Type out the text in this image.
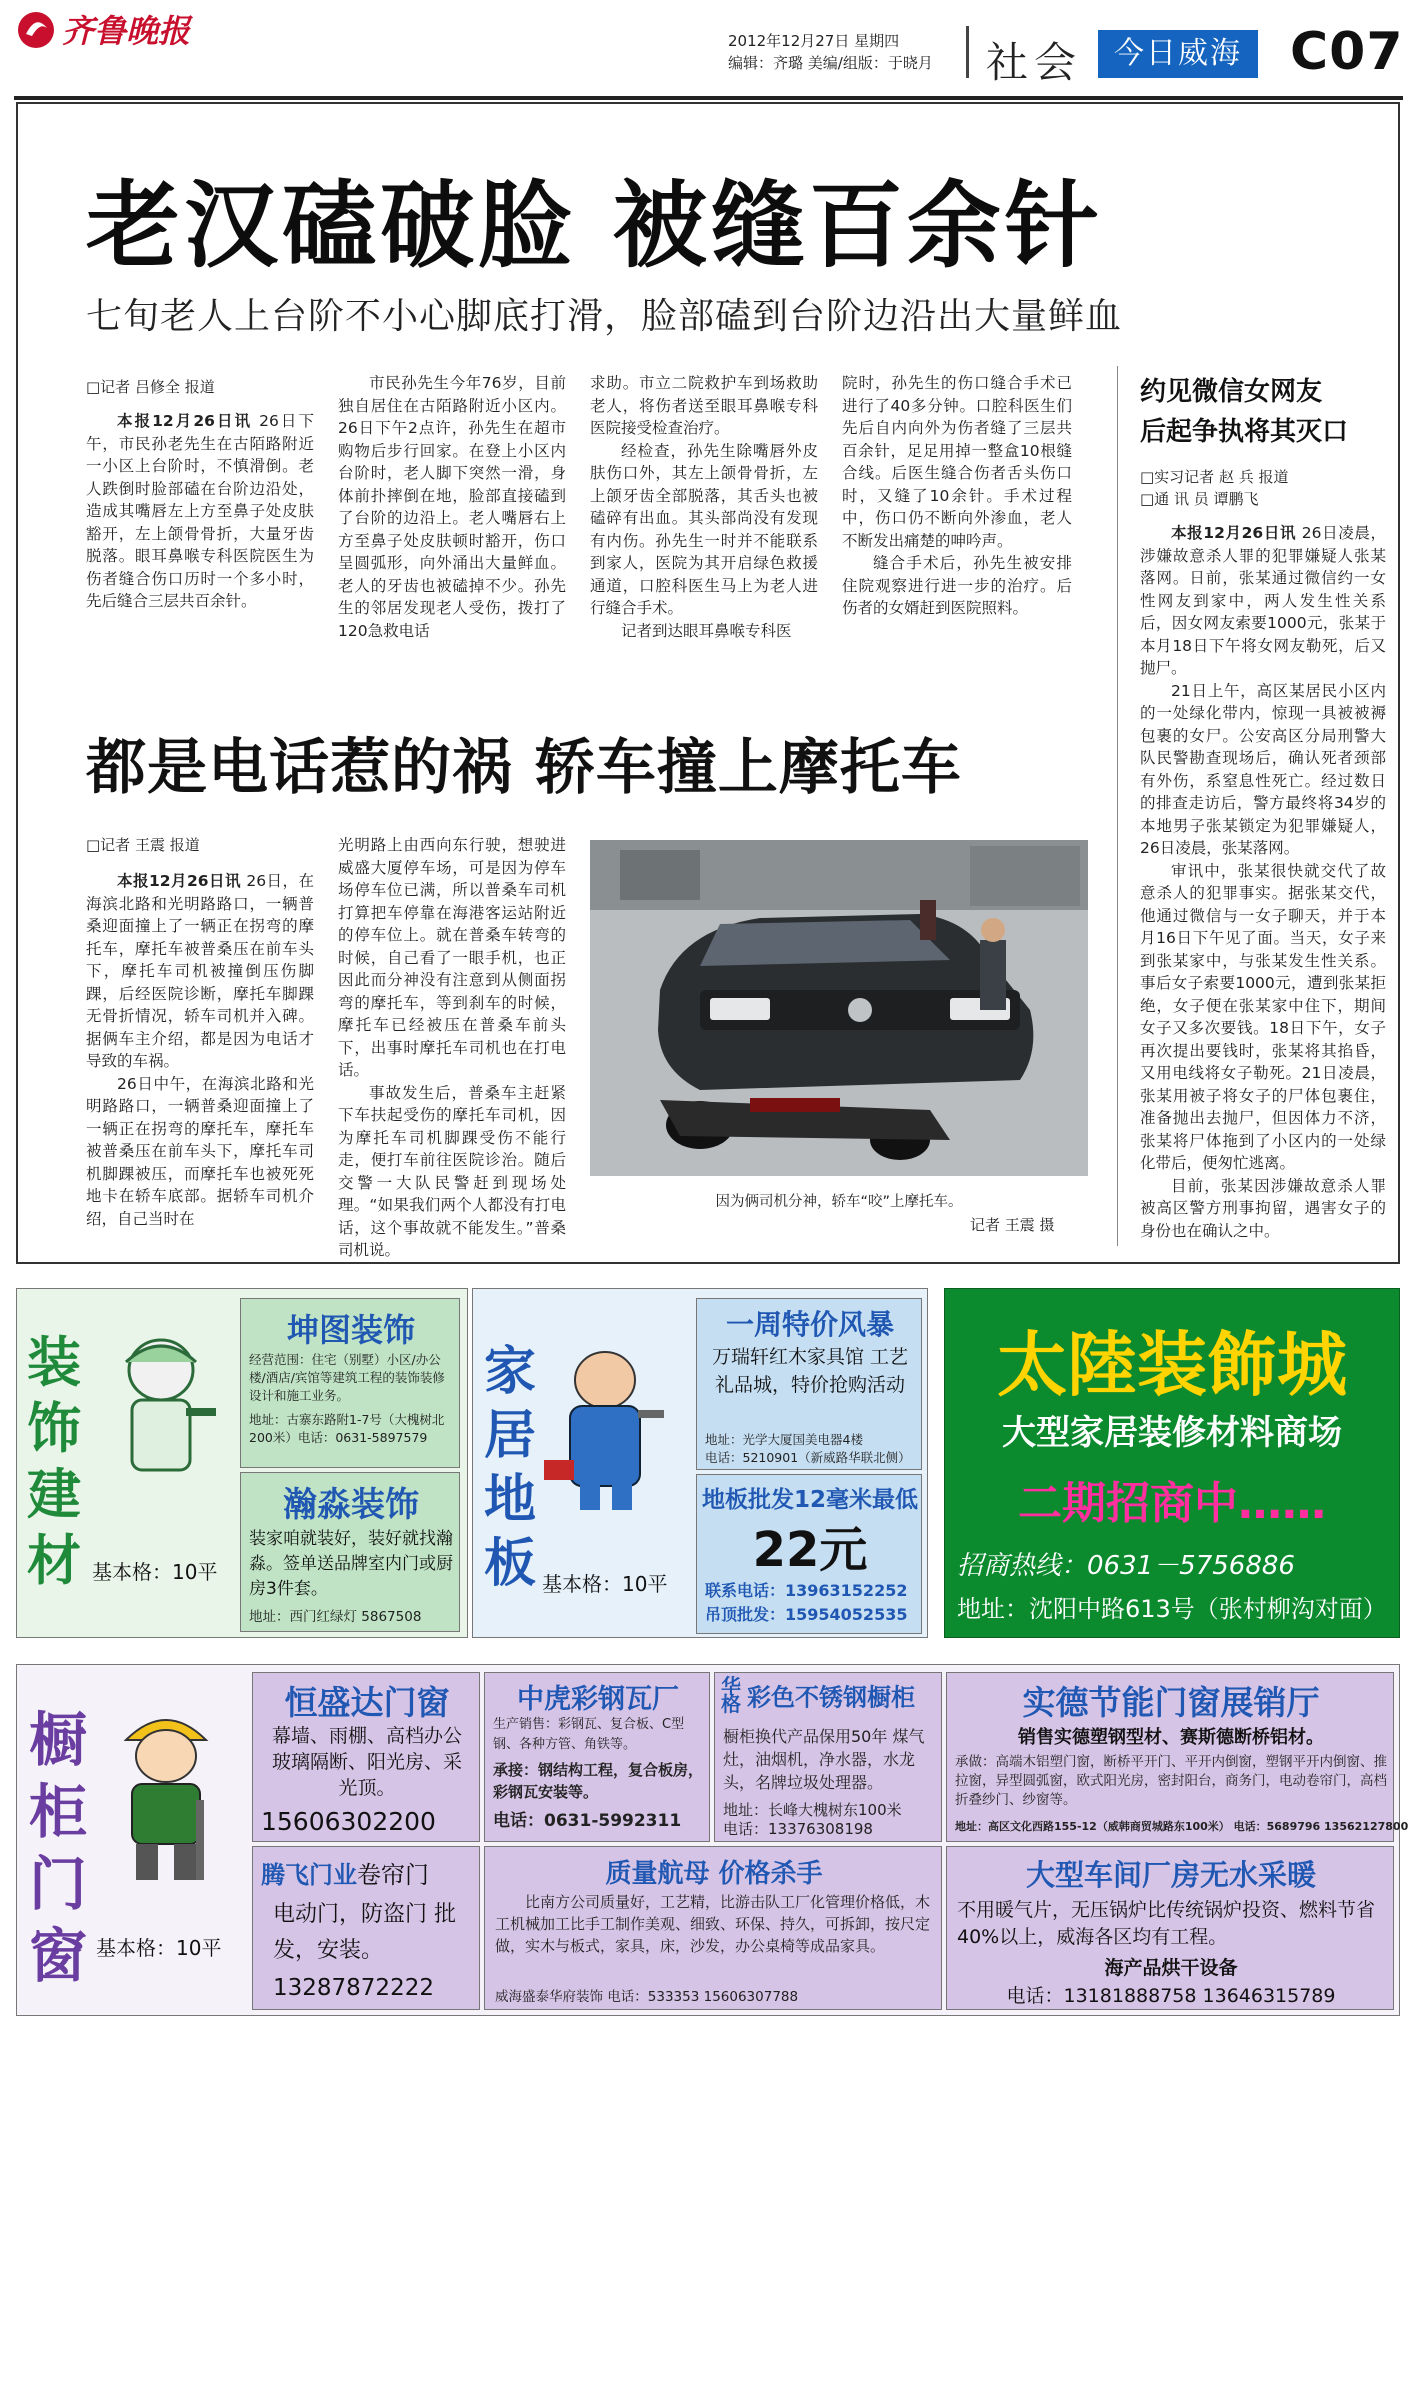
齐鲁晚报	2012年12月27日 星期四
编辑：齐璐 美编/组版：于晓月 社会	今日威海 C07
老汉磕破脸 被缝百余针
七旬老人上台阶不小心脚底打滑，脸部磕到台阶边沿出大量鲜血
□记者 吕修全 报道

本报12月26日讯 26日下午，市民孙老先生在古陌路附近一小区上台阶时，不慎滑倒。老人跌倒时脸部磕在台阶边沿处，造成其嘴唇左上方至鼻子处皮肤豁开，左上颌骨骨折，大量牙齿脱落。眼耳鼻喉专科医院医生为伤者缝合伤口历时一个多小时，先后缝合三层共百余针。

市民孙先生今年76岁，目前独自居住在古陌路附近小区内。26日下午2点许，孙先生在超市购物后步行回家。在登上小区内台阶时，老人脚下突然一滑，身体前扑摔倒在地，脸部直接磕到了台阶的边沿上。老人嘴唇右上方至鼻子处皮肤顿时豁开，伤口呈圆弧形，向外涌出大量鲜血。老人的牙齿也被磕掉不少。孙先生的邻居发现老人受伤，拨打了120急救电话

求助。市立二院救护车到场救助老人，将伤者送至眼耳鼻喉专科医院接受检查治疗。

经检查，孙先生除嘴唇外皮肤伤口外，其左上颌骨骨折，左上颌牙齿全部脱落，其舌头也被磕碎有出血。其头部尚没有发现有内伤。孙先生一时并不能联系到家人，医院为其开启绿色救援通道，口腔科医生马上为老人进行缝合手术。

记者到达眼耳鼻喉专科医

院时，孙先生的伤口缝合手术已进行了40多分钟。口腔科医生们先后自内向外为伤者缝了三层共百余针，足足用掉一整盒10根缝合线。后医生缝合伤者舌头伤口时，又缝了10余针。手术过程中，伤口仍不断向外渗血，老人不断发出痛楚的呻吟声。

缝合手术后，孙先生被安排住院观察进行进一步的治疗。后伤者的女婿赶到医院照料。

都是电话惹的祸 轿车撞上摩托车
□记者 王震 报道

本报12月26日讯 26日，在海滨北路和光明路路口，一辆普桑迎面撞上了一辆正在拐弯的摩托车，摩托车被普桑压在前车头下，摩托车司机被撞倒压伤脚踝，后经医院诊断，摩托车脚踝无骨折情况，轿车司机并入碑。据俩车主介绍，都是因为电话才导致的车祸。

26日中午，在海滨北路和光明路路口，一辆普桑迎面撞上了一辆正在拐弯的摩托车，摩托车被普桑压在前车头下，摩托车司机脚踝被压，而摩托车也被死死地卡在轿车底部。据轿车司机介绍，自己当时在

光明路上由西向东行驶，想驶进威盛大厦停车场，可是因为停车场停车位已满，所以普桑车司机打算把车停靠在海港客运站附近的停车位上。就在普桑车转弯的时候，自己看了一眼手机，也正因此而分神没有注意到从侧面拐弯的摩托车，等到刹车的时候，摩托车已经被压在普桑车前头下，出事时摩托车司机也在打电话。

事故发生后，普桑车主赶紧下车扶起受伤的摩托车司机，因为摩托车司机脚踝受伤不能行走，便打车前往医院诊治。随后交警一大队民警赶到现场处理。“如果我们两个人都没有打电话，这个事故就不能发生。”普桑司机说。

因为俩司机分神，轿车“咬”上摩托车。
记者 王震 摄
约见微信女网友
后起争执将其灭口
□实习记者 赵 兵 报道
□通 讯 员 谭鹏飞

本报12月26日讯 26日凌晨，涉嫌故意杀人罪的犯罪嫌疑人张某落网。日前，张某通过微信约一女性网友到家中，两人发生性关系后，因女网友索要1000元，张某于本月18日下午将女网友勒死，后又抛尸。

21日上午，高区某居民小区内的一处绿化带内，惊现一具被被褥包裹的女尸。公安高区分局刑警大队民警勘查现场后，确认死者颈部有外伤，系窒息性死亡。经过数日的排查走访后，警方最终将34岁的本地男子张某锁定为犯罪嫌疑人，26日凌晨，张某落网。

审讯中，张某很快就交代了故意杀人的犯罪事实。据张某交代，他通过微信与一女子聊天，并于本月16日下午见了面。当天，女子来到张某家中，与张某发生性关系。事后女子索要1000元，遭到张某拒绝，女子便在张某家中住下，期间女子又多次要钱。18日下午，女子再次提出要钱时，张某将其掐昏，又用电线将女子勒死。21日凌晨，张某用被子将女子的尸体包裹住，准备抛出去抛尸，但因体力不济，张某将尸体拖到了小区内的一处绿化带后，便匆忙逃离。

目前，张某因涉嫌故意杀人罪被高区警方刑事拘留，遇害女子的身份也在确认之中。

装饰建材 基本格：10平
坤图装饰
经营范围：住宅（别墅）小区/办公楼/酒店/宾馆等建筑工程的装饰装修设计和施工业务。
地址：古寨东路附1-7号（大槐树北200米）电话：0631-5897579
瀚淼装饰
装家咱就装好，装好就找瀚淼。签单送品牌室内门或厨房3件套。
地址：西门红绿灯 5867508
家居地板 基本格：10平
一周特价风暴
万瑞轩红木家具馆 工艺礼品城，特价抢购活动
地址：光学大厦国美电器4楼
电话：5210901（新威路华联北侧）
地板批发12毫米最低
22元
联系电话：13963152252
吊顶批发：15954052535
太陸装飾城
大型家居装修材料商场
二期招商中……
招商热线：0631－5756886
地址：沈阳中路613号（张村柳沟对面）
橱柜门窗 基本格：10平
恒盛达门窗
幕墙、雨棚、高档办公玻璃隔断、阳光房、采光顶。
15606302200
中虎彩钢瓦厂
生产销售：彩钢瓦、复合板、C型钢、各种方管、角铁等。
承接：钢结构工程，复合板房，彩钢瓦安装等。
电话：0631-5992311
华格 彩色不锈钢橱柜
橱柜换代产品保用50年 煤气灶，油烟机，净水器，水龙头，名牌垃圾处理器。
地址：长峰大槐树东100米
电话：13376308198
实德节能门窗展销厅
销售实德塑钢型材、赛斯德断桥铝材。
承做：高端木铝塑门窗，断桥平开门、平开内倒窗，塑钢平开内倒窗、推拉窗，异型圆弧窗，欧式阳光房，密封阳台，商务门，电动卷帘门，高档折叠纱门、纱窗等。
地址：高区文化西路155-12（威韩商贸城路东100米） 电话：5689796 13562127800
腾飞门业卷帘门
电动门，防盗门 批发，安装。
13287872222
质量航母 价格杀手
比南方公司质量好，工艺精，比游击队工厂化管理价格低，木工机械加工比手工制作美观、细致、环保、持久，可拆卸，按尺定做，实木与板式，家具，床，沙发，办公桌椅等成品家具。
威海盛泰华府装饰 电话：533353 15606307788
大型车间厂房无水采暖
不用暖气片，无压锅炉比传统锅炉投资、燃料节省40%以上，威海各区均有工程。
海产品烘干设备
电话：13181888758 13646315789
